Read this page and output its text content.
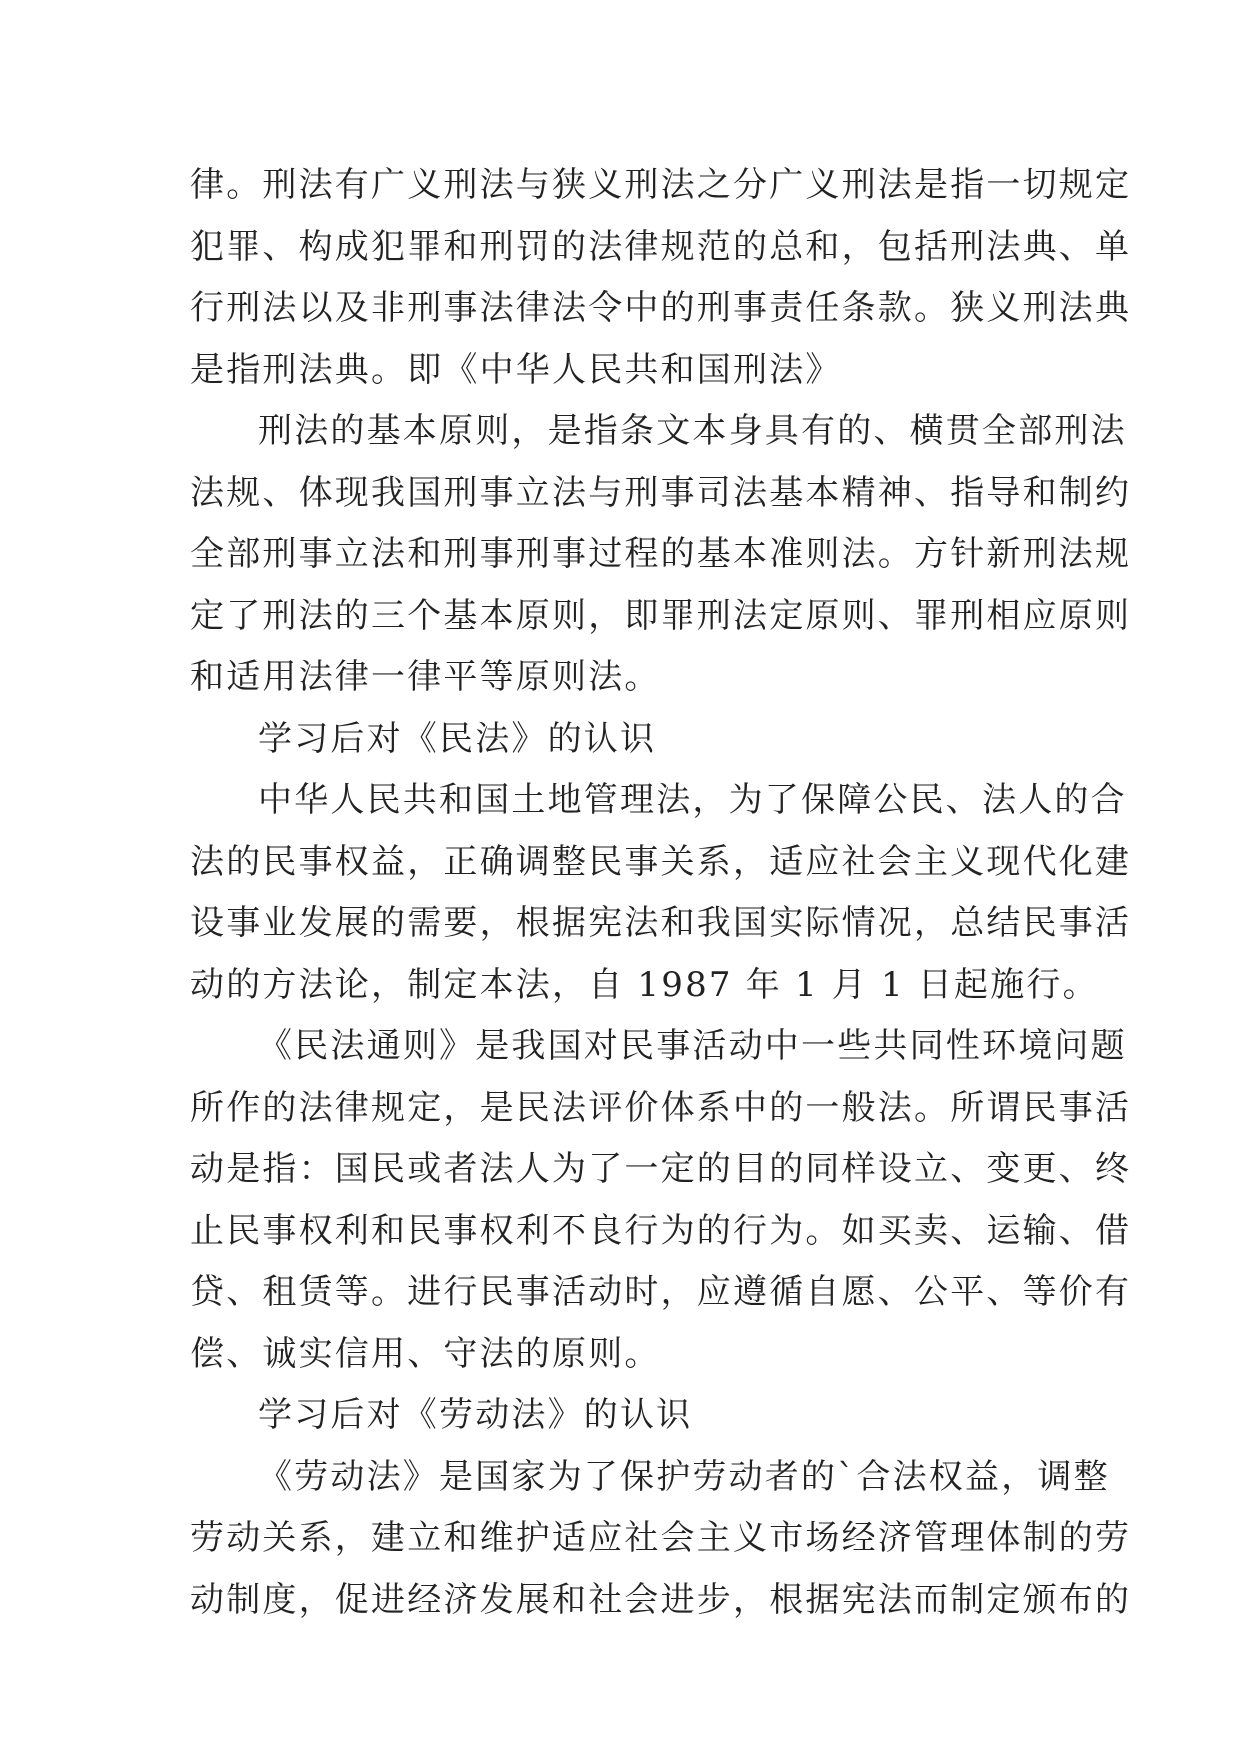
律。刑法有广义刑法与狭义刑法之分广义刑法是指一切规定
犯罪、构成犯罪和刑罚的法律规范的总和，包括刑法典、单
行刑法以及非刑事法律法令中的刑事责任条款。狭义刑法典
是指刑法典。即《中华人民共和国刑法》
刑法的基本原则，是指条文本身具有的、横贯全部刑法
法规、体现我国刑事立法与刑事司法基本精神、指导和制约
全部刑事立法和刑事刑事过程的基本准则法。方针新刑法规
定了刑法的三个基本原则，即罪刑法定原则、罪刑相应原则
和适用法律一律平等原则法。
学习后对《民法》的认识
中华人民共和国土地管理法，为了保障公民、法人的合
法的民事权益，正确调整民事关系，适应社会主义现代化建
设事业发展的需要，根据宪法和我国实际情况，总结民事活
动的方法论，制定本法，自 1987 年 1 月 1 日起施行。
《民法通则》是我国对民事活动中一些共同性环境问题
所作的法律规定，是民法评价体系中的一般法。所谓民事活
动是指：国民或者法人为了一定的目的同样设立、变更、终
止民事权利和民事权利不良行为的行为。如买卖、运输、借
贷、租赁等。进行民事活动时，应遵循自愿、公平、等价有
偿、诚实信用、守法的原则。
学习后对《劳动法》的认识
《劳动法》是国家为了保护劳动者的`合法权益，调整
劳动关系，建立和维护适应社会主义市场经济管理体制的劳
动制度，促进经济发展和社会进步，根据宪法而制定颁布的
